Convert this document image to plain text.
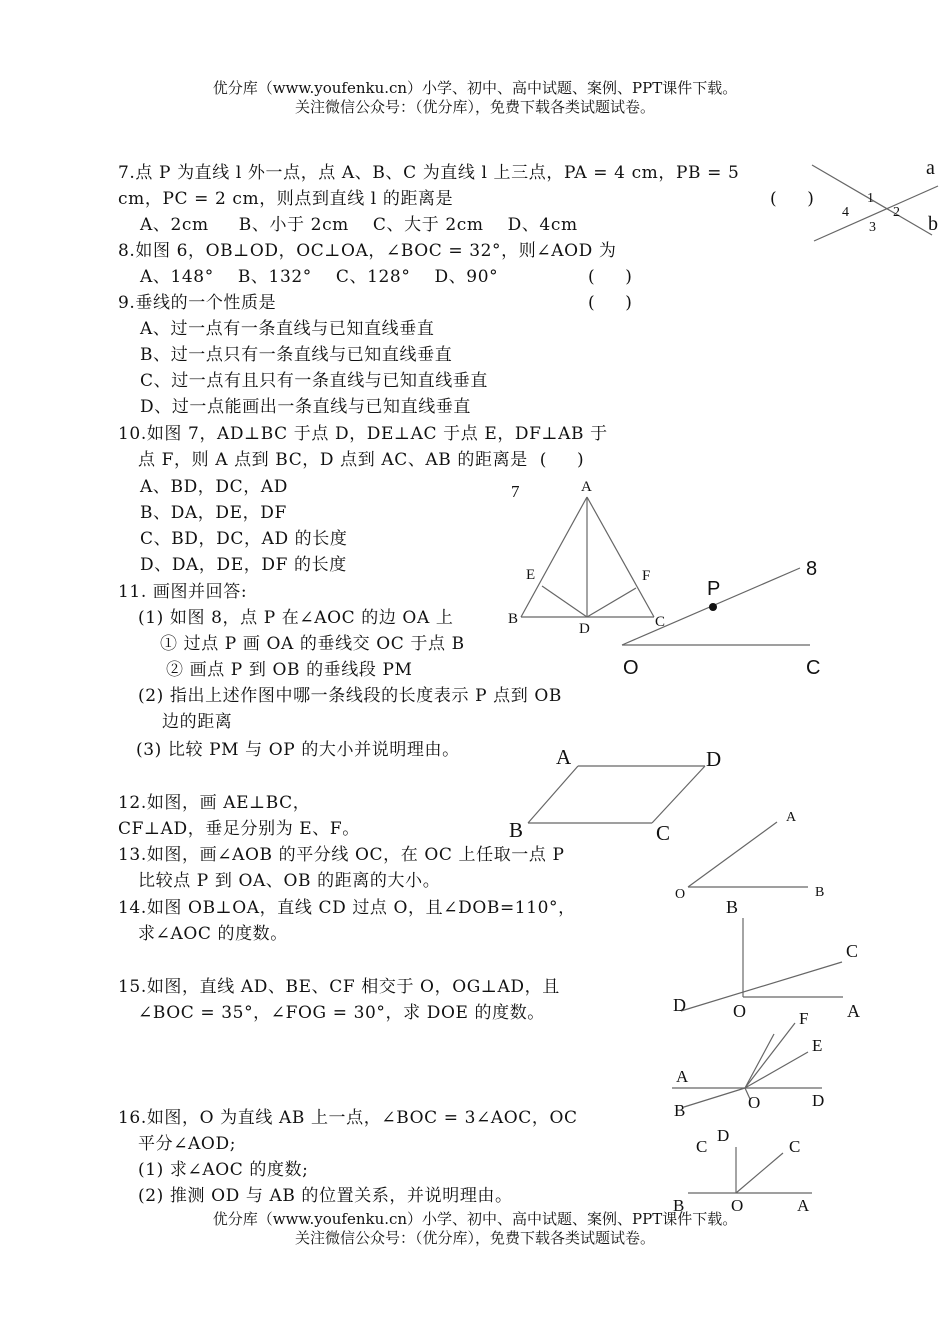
优分库（www.youfenku.cn）小学、初中、高中试题、案例、PPT课件下载。
关注微信公众号：（优分库），免费下载各类试题试卷。
7.点 P 为直线 l 外一点，点 A、B、C 为直线 l 上三点，PA = 4 cm，PB = 5
cm，PC = 2 cm，则点到直线 l 的距离是	(     )
A、2cm     B、小于 2cm    C、大于 2cm    D、4cm
8.如图 6，OB⊥OD，OC⊥OA，∠BOC = 32°，则∠AOD 为
A、148°    B、132°    C、128°    D、90°	(     )
9.垂线的一个性质是	(     )
A、过一点有一条直线与已知直线垂直
B、过一点只有一条直线与已知直线垂直
C、过一点有且只有一条直线与已知直线垂直
D、过一点能画出一条直线与已知直线垂直
10.如图 7，AD⊥BC 于点 D，DE⊥AC 于点 E，DF⊥AB 于
点 F，则 A 点到 BC，D 点到 AC、AB 的距离是  (     )
A、BD，DC，AD
B、DA，DE，DF
C、BD，DC，AD 的长度
D、DA，DE，DF 的长度
11. 画图并回答:
(1) 如图 8，点 P 在∠AOC 的边 OA 上
① 过点 P 画 OA 的垂线交 OC 于点 B
② 画点 P 到 OB 的垂线段 PM
(2) 指出上述作图中哪一条线段的长度表示 P 点到 OB
边的距离
(3) 比较 PM 与 OP 的大小并说明理由。
12.如图，画 AE⊥BC，
CF⊥AD，垂足分别为 E、F。
13.如图，画∠AOB 的平分线 OC，在 OC 上任取一点 P
比较点 P 到 OA、OB 的距离的大小。
14.如图 OB⊥OA，直线 CD 过点 O，且∠DOB=110°，
求∠AOC 的度数。
15.如图，直线 AD、BE、CF 相交于 O，OG⊥AD，且
∠BOC = 35°，∠FOG = 30°，求 DOE 的度数。
16.如图，O 为直线 AB 上一点，∠BOC = 3∠AOC，OC
平分∠AOD;
(1) 求∠AOC 的度数;
(2) 推测 OD 与 AB 的位置关系，并说明理由。
a
b
1
2
3
4
7	A
E	F
B
D	C
8
P
O	C
A	D
B	C
A
O	B
B
C
D	O	A
F
E
A
B	O	D
D
C	C
B	O	A
优分库（www.youfenku.cn）小学、初中、高中试题、案例、PPT课件下载。
关注微信公众号：（优分库），免费下载各类试题试卷。
